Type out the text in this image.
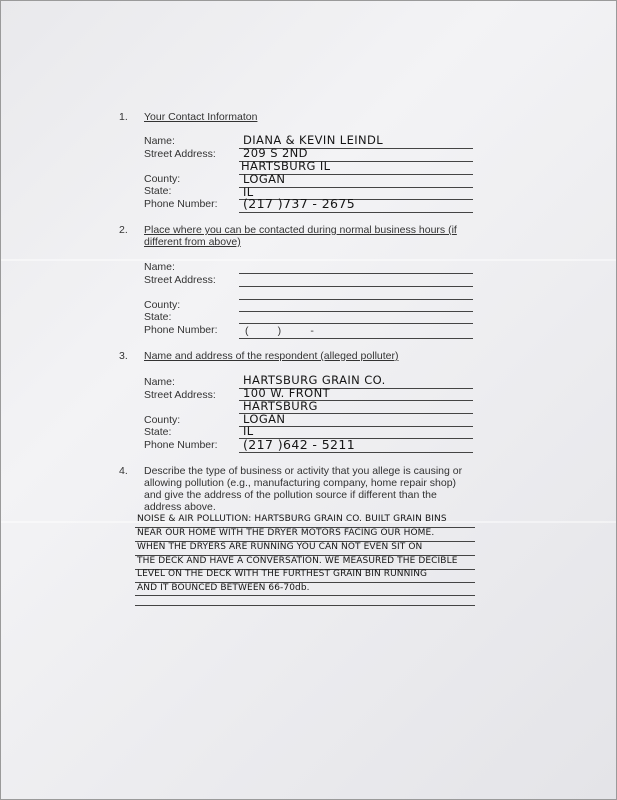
1. Your Contact Informaton
Name:	DIANA & KEVIN LEINDL
Street Address: 209 S 2ND
HARTSBURG IL
County:	LOGAN
State:	IL
Phone Number: (217 )737 - 2675
2. Place where you can be contacted during normal business hours (if
different from above)
Name:
Street Address:
County:
State:
Phone Number:	(          )          -
3. Name and address of the respondent (alleged polluter)
Name:	HARTSBURG GRAIN CO.
Street Address: 100 W. FRONT
HARTSBURG
County:	LOGAN
State:	IL
Phone Number: (217 )642 - 5211
4. Describe the type of business or activity that you allege is causing or
allowing pollution (e.g., manufacturing company, home repair shop)
and give the address of the pollution source if different than the
address above.
NOISE & AIR POLLUTION: HARTSBURG GRAIN CO. BUILT GRAIN BINS
NEAR OUR HOME WITH THE DRYER MOTORS FACING OUR HOME.
WHEN THE DRYERS ARE RUNNING YOU CAN NOT EVEN SIT ON
THE DECK AND HAVE A CONVERSATION. WE MEASURED THE DECIBLE
LEVEL ON THE DECK WITH THE FURTHEST GRAIN BIN RUNNING
AND IT BOUNCED BETWEEN 66-70db.
